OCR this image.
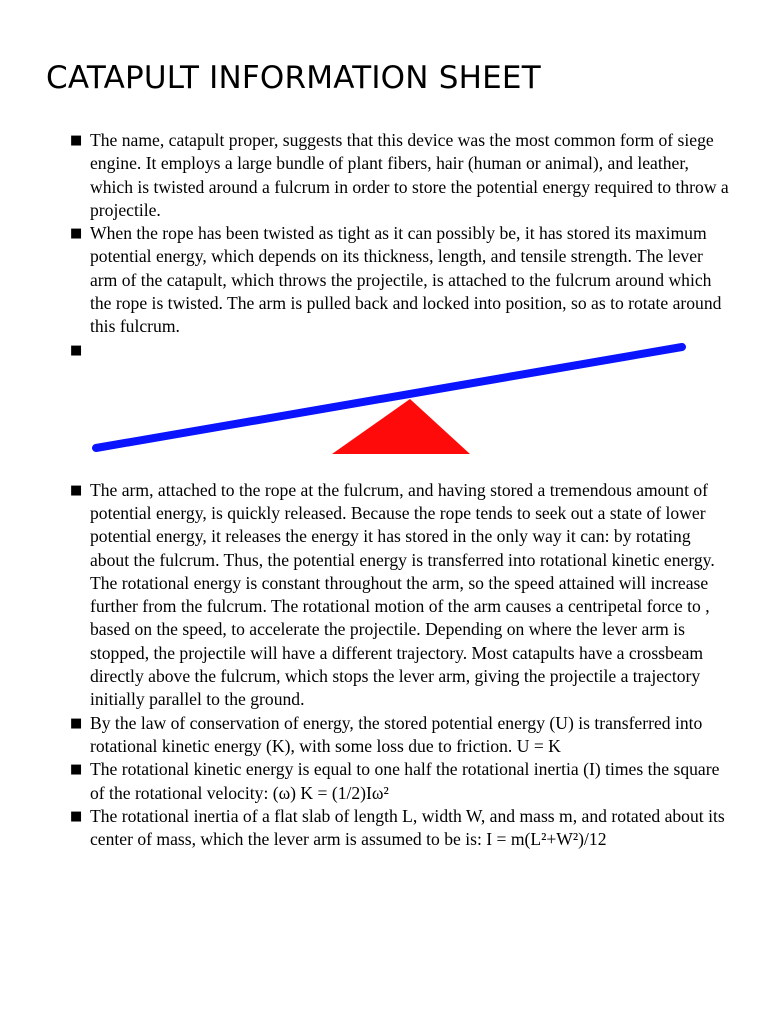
CATAPULT INFORMATION SHEET
■ The name, catapult proper, suggests that this device was the most common form of siege engine. It employs a large bundle of plant fibers, hair (human or animal), and leather, which is twisted around a fulcrum in order to store the potential energy required to throw a projectile.
■ When the rope has been twisted as tight as it can possibly be, it has stored its maximum potential energy, which depends on its thickness, length, and tensile strength. The lever arm of the catapult, which throws the projectile, is attached to the fulcrum around which the rope is twisted. The arm is pulled back and locked into position, so as to rotate around this fulcrum.
■
■ The arm, attached to the rope at the fulcrum, and having stored a tremendous amount of potential energy, is quickly released. Because the rope tends to seek out a state of lower potential energy, it releases the energy it has stored in the only way it can: by rotating about the fulcrum. Thus, the potential energy is transferred into rotational kinetic energy. The rotational energy is constant throughout the arm, so the speed attained will increase further from the fulcrum. The rotational motion of the arm causes a centripetal force to , based on the speed, to accelerate the projectile. Depending on where the lever arm is stopped, the projectile will have a different trajectory. Most catapults have a crossbeam directly above the fulcrum, which stops the lever arm, giving the projectile a trajectory initially parallel to the ground.
■ By the law of conservation of energy, the stored potential energy (U) is transferred into rotational kinetic energy (K), with some loss due to friction. U = K
■ The rotational kinetic energy is equal to one half the rotational inertia (I) times the square of the rotational velocity: (ω) K = (1/2)Iω²
■ The rotational inertia of a flat slab of length L, width W, and mass m, and rotated about its center of mass, which the lever arm is assumed to be is: I = m(L²+W²)/12
